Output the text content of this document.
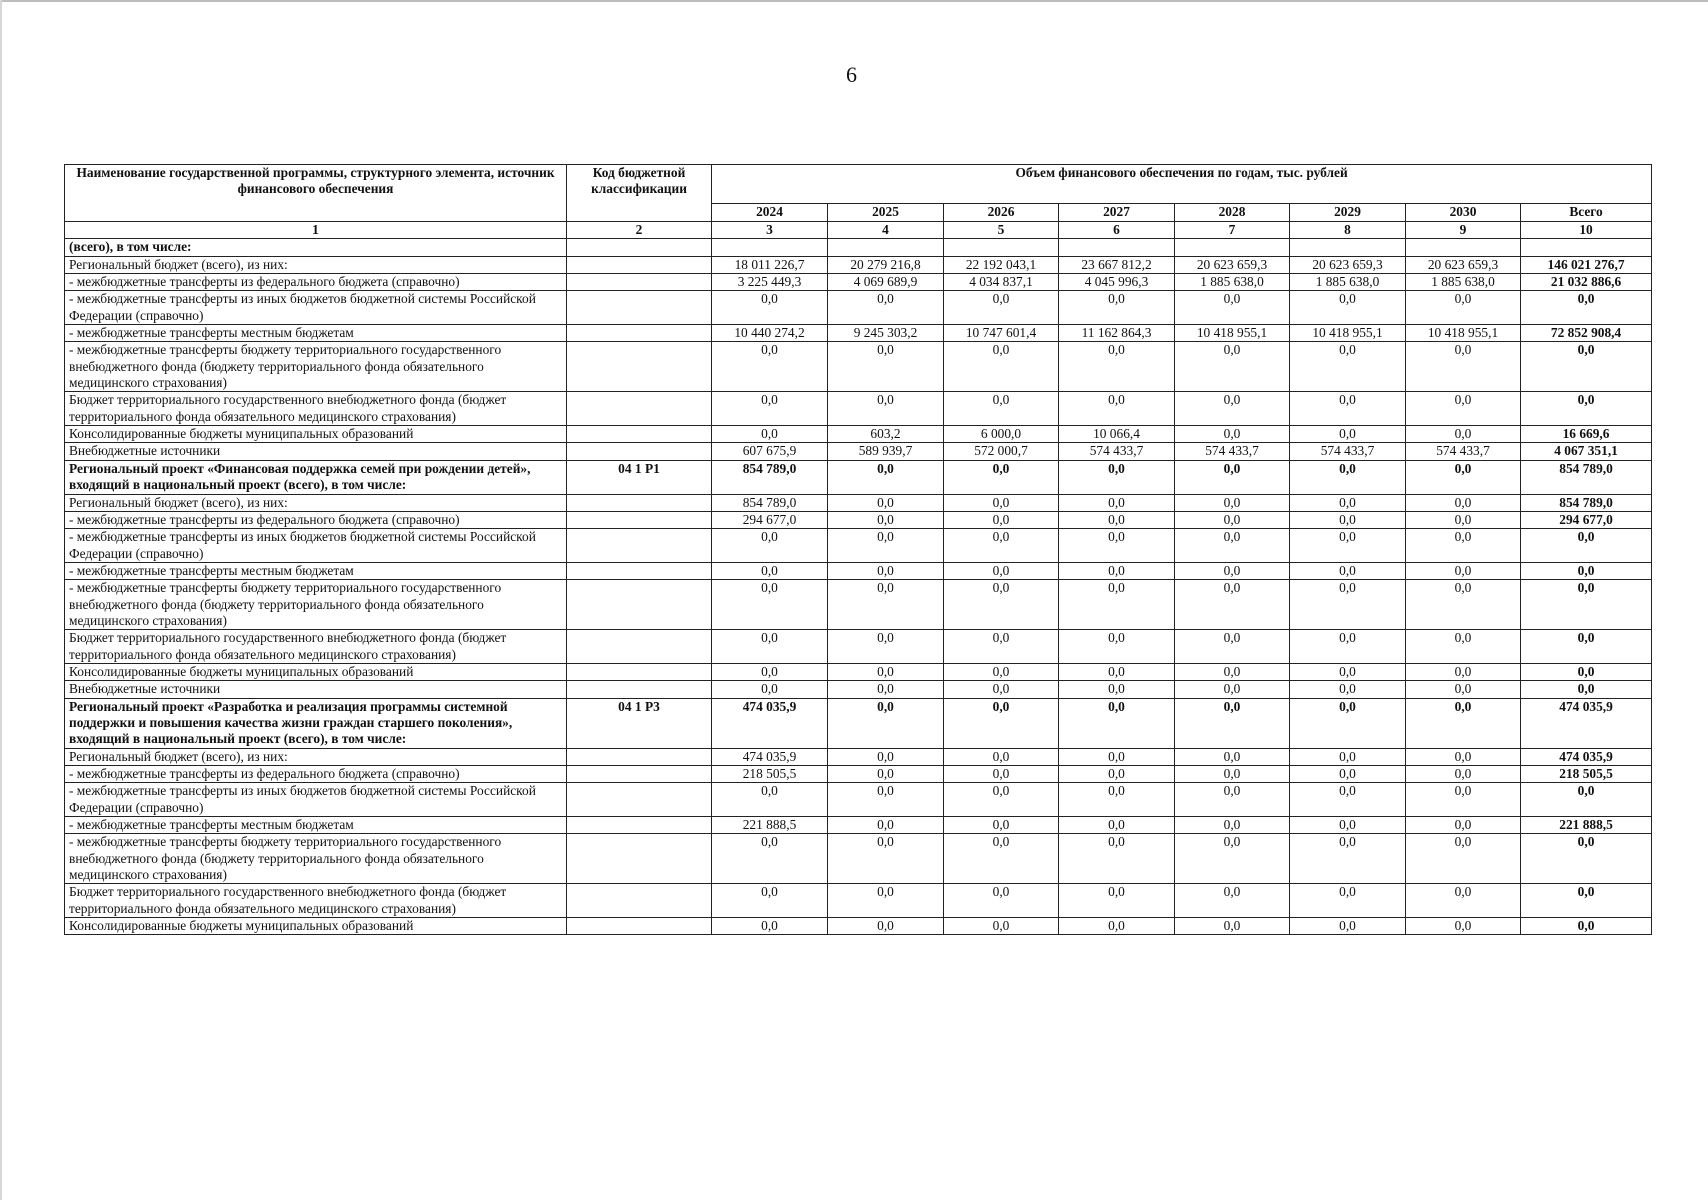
6
Наименование государственной программы, структурного элемента, источник финансового обеспечения	Код бюджетной классификации	Объем финансового обеспечения по годам, тыс. рублей							
		2024	2025	2026	2027	2028	2029	2030	Всего
1	2	3	4	5	6	7	8	9	10
(всего), в том числе:									
Региональный бюджет (всего), из них:		18 011 226,7	20 279 216,8	22 192 043,1	23 667 812,2	20 623 659,3	20 623 659,3	20 623 659,3	146 021 276,7
- межбюджетные трансферты из федерального бюджета (справочно)		3 225 449,3	4 069 689,9	4 034 837,1	4 045 996,3	1 885 638,0	1 885 638,0	1 885 638,0	21 032 886,6
- межбюджетные трансферты из иных бюджетов бюджетной системы Российской Федерации (справочно)		0,0	0,0	0,0	0,0	0,0	0,0	0,0	0,0
- межбюджетные трансферты местным бюджетам		10 440 274,2	9 245 303,2	10 747 601,4	11 162 864,3	10 418 955,1	10 418 955,1	10 418 955,1	72 852 908,4
- межбюджетные трансферты бюджету территориального государственного внебюджетного фонда (бюджету территориального фонда обязательного медицинского страхования)		0,0	0,0	0,0	0,0	0,0	0,0	0,0	0,0
Бюджет территориального государственного внебюджетного фонда (бюджет территориального фонда обязательного медицинского страхования)		0,0	0,0	0,0	0,0	0,0	0,0	0,0	0,0
Консолидированные бюджеты муниципальных образований		0,0	603,2	6 000,0	10 066,4	0,0	0,0	0,0	16 669,6
Внебюджетные источники		607 675,9	589 939,7	572 000,7	574 433,7	574 433,7	574 433,7	574 433,7	4 067 351,1
Региональный проект «Финансовая поддержка семей при рождении детей», входящий в национальный проект (всего), в том числе:	04 1 Р1	854 789,0	0,0	0,0	0,0	0,0	0,0	0,0	854 789,0
Региональный бюджет (всего), из них:		854 789,0	0,0	0,0	0,0	0,0	0,0	0,0	854 789,0
- межбюджетные трансферты из федерального бюджета (справочно)		294 677,0	0,0	0,0	0,0	0,0	0,0	0,0	294 677,0
- межбюджетные трансферты из иных бюджетов бюджетной системы Российской Федерации (справочно)		0,0	0,0	0,0	0,0	0,0	0,0	0,0	0,0
- межбюджетные трансферты местным бюджетам		0,0	0,0	0,0	0,0	0,0	0,0	0,0	0,0
- межбюджетные трансферты бюджету территориального государственного внебюджетного фонда (бюджету территориального фонда обязательного медицинского страхования)		0,0	0,0	0,0	0,0	0,0	0,0	0,0	0,0
Бюджет территориального государственного внебюджетного фонда (бюджет территориального фонда обязательного медицинского страхования)		0,0	0,0	0,0	0,0	0,0	0,0	0,0	0,0
Консолидированные бюджеты муниципальных образований		0,0	0,0	0,0	0,0	0,0	0,0	0,0	0,0
Внебюджетные источники		0,0	0,0	0,0	0,0	0,0	0,0	0,0	0,0
Региональный проект «Разработка и реализация программы системной поддержки и повышения качества жизни граждан старшего поколения», входящий в национальный проект (всего), в том числе:	04 1 Р3	474 035,9	0,0	0,0	0,0	0,0	0,0	0,0	474 035,9
Региональный бюджет (всего), из них:		474 035,9	0,0	0,0	0,0	0,0	0,0	0,0	474 035,9
- межбюджетные трансферты из федерального бюджета (справочно)		218 505,5	0,0	0,0	0,0	0,0	0,0	0,0	218 505,5
- межбюджетные трансферты из иных бюджетов бюджетной системы Российской Федерации (справочно)		0,0	0,0	0,0	0,0	0,0	0,0	0,0	0,0
- межбюджетные трансферты местным бюджетам		221 888,5	0,0	0,0	0,0	0,0	0,0	0,0	221 888,5
- межбюджетные трансферты бюджету территориального государственного внебюджетного фонда (бюджету территориального фонда обязательного медицинского страхования)		0,0	0,0	0,0	0,0	0,0	0,0	0,0	0,0
Бюджет территориального государственного внебюджетного фонда (бюджет территориального фонда обязательного медицинского страхования)		0,0	0,0	0,0	0,0	0,0	0,0	0,0	0,0
Консолидированные бюджеты муниципальных образований		0,0	0,0	0,0	0,0	0,0	0,0	0,0	0,0
